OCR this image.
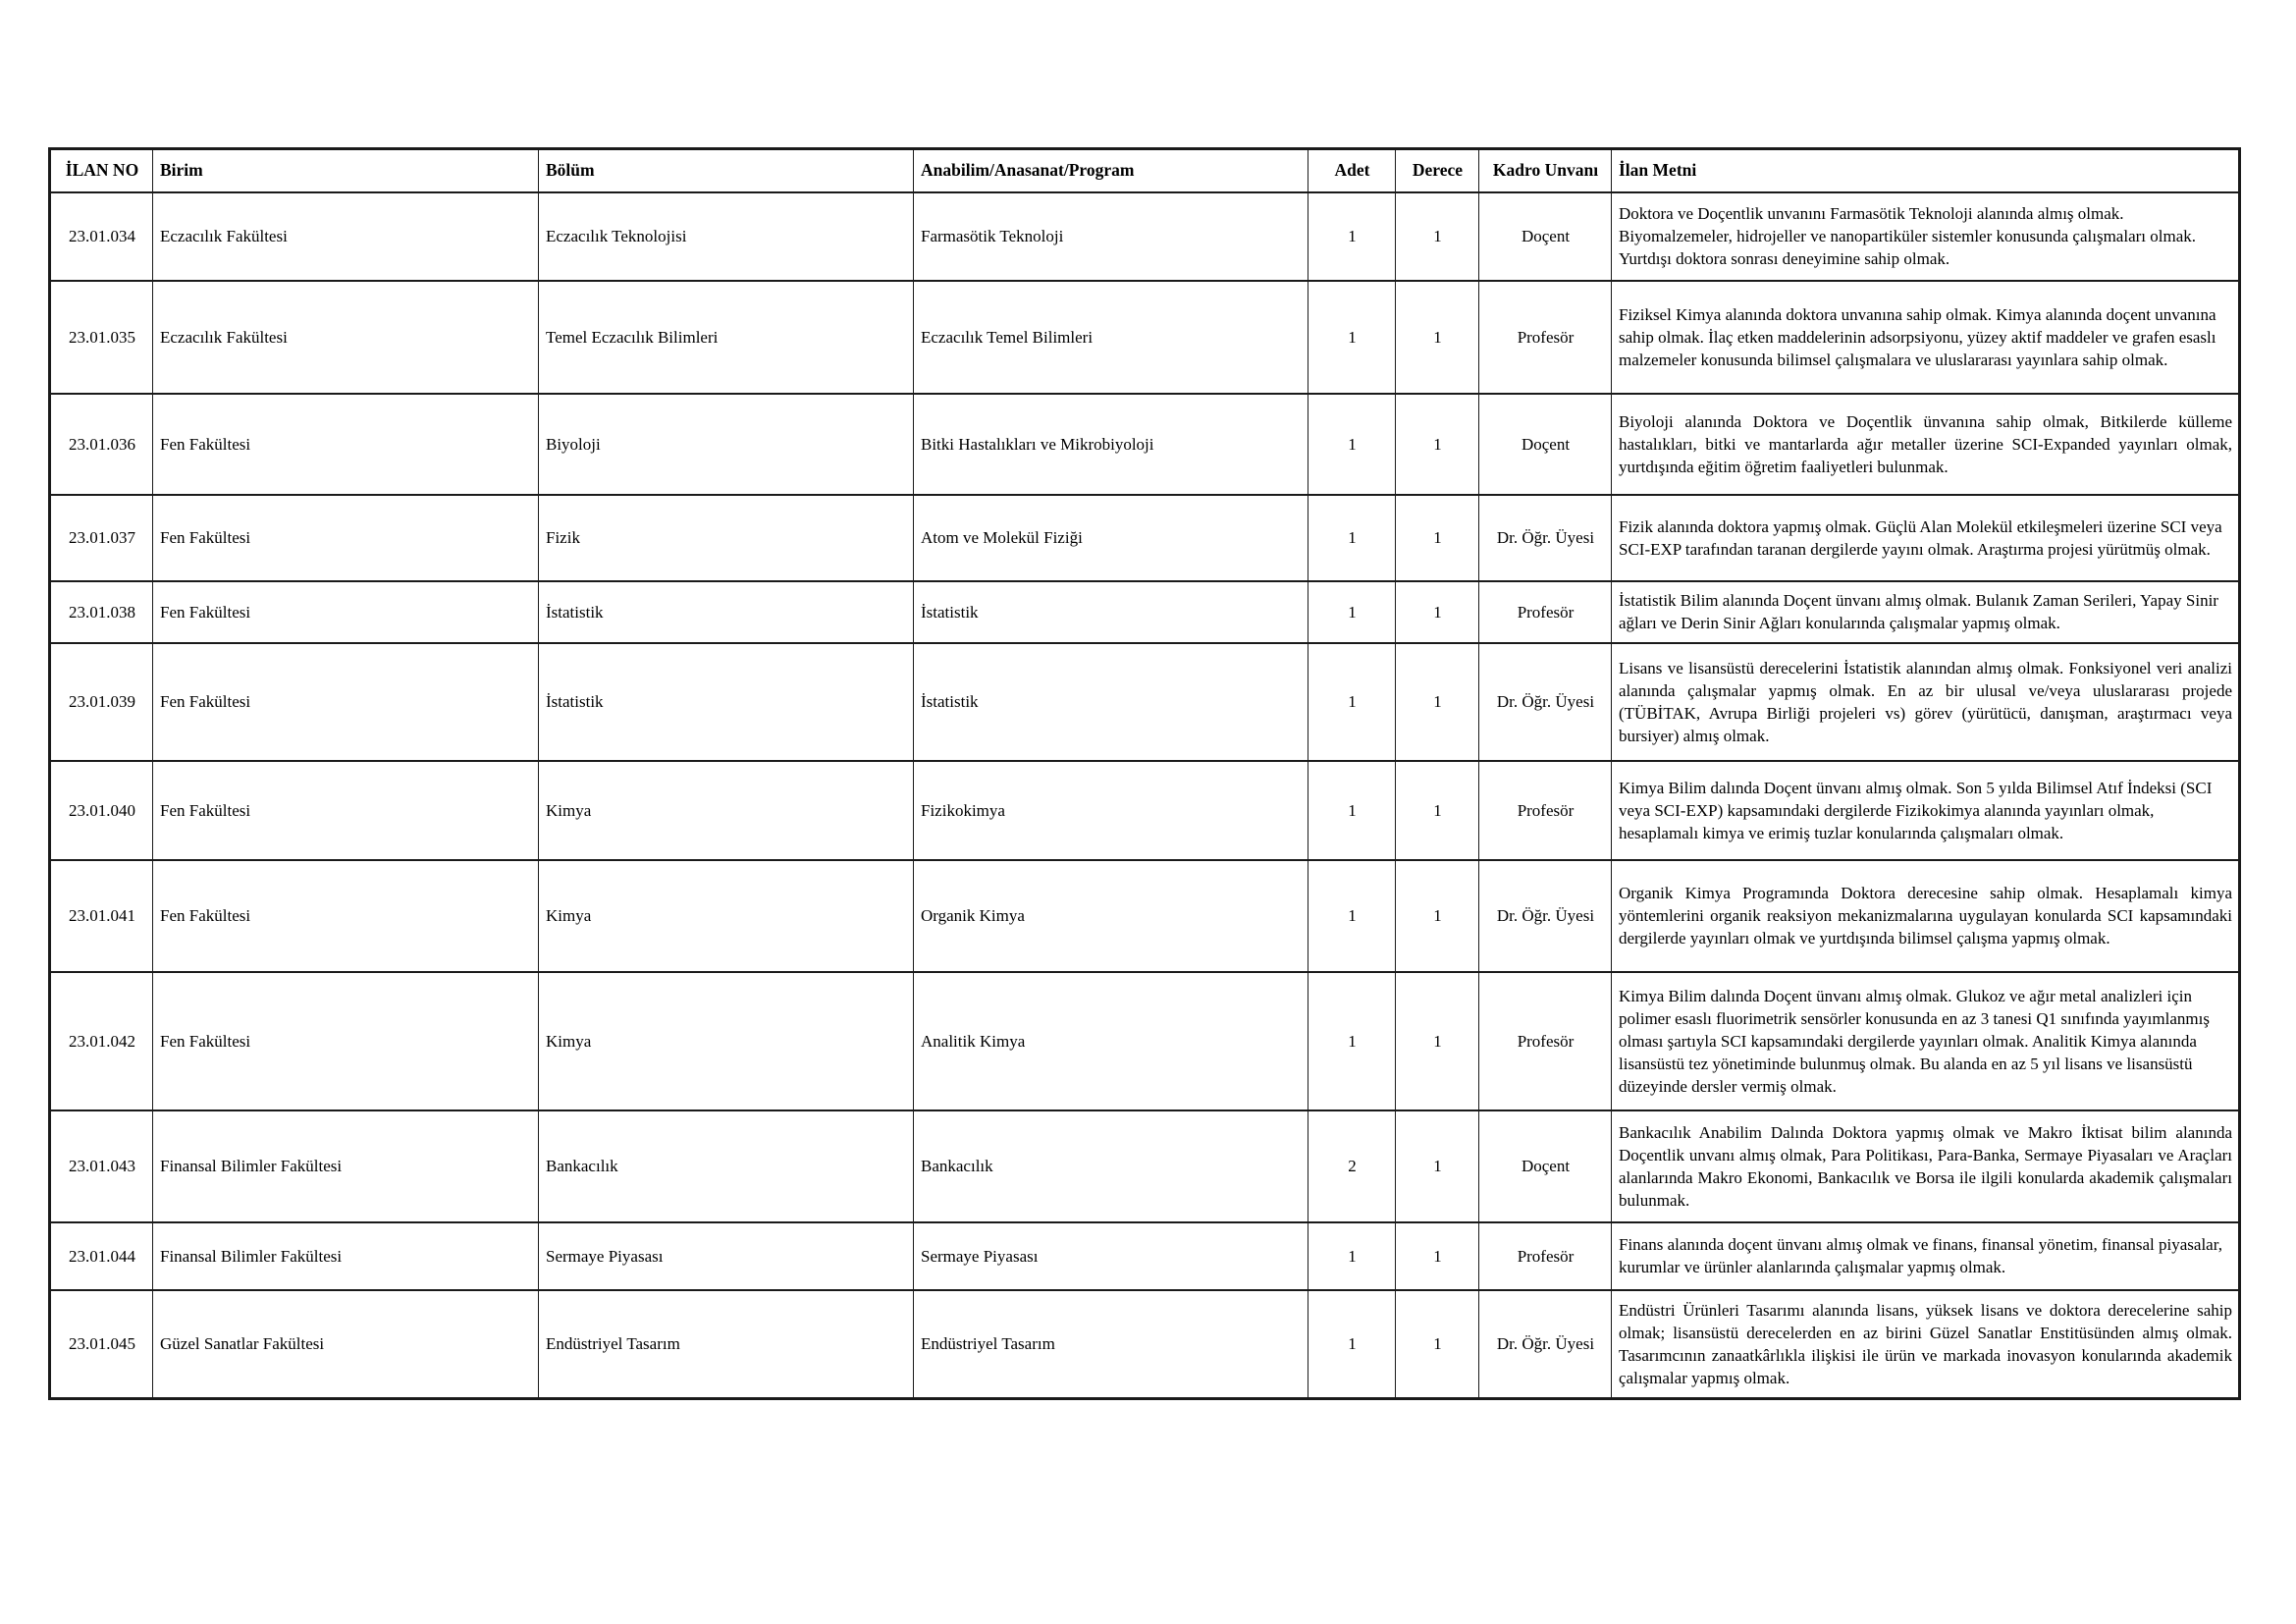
İLAN NO	Birim	Bölüm	Anabilim/Anasanat/Program	Adet	Derece	Kadro Unvanı	İlan Metni
23.01.034	Eczacılık Fakültesi	Eczacılık Teknolojisi	Farmasötik Teknoloji	1	1	Doçent	Doktora ve Doçentlik unvanını Farmasötik Teknoloji alanında almış olmak. Biyomalzemeler, hidrojeller ve nanopartiküler sistemler konusunda çalışmaları olmak. Yurtdışı doktora sonrası deneyimine sahip olmak.
23.01.035	Eczacılık Fakültesi	Temel Eczacılık Bilimleri	Eczacılık Temel Bilimleri	1	1	Profesör	Fiziksel Kimya alanında doktora unvanına sahip olmak. Kimya alanında doçent unvanına sahip olmak. İlaç etken maddelerinin adsorpsiyonu, yüzey aktif maddeler ve grafen esaslı malzemeler konusunda bilimsel çalışmalara ve uluslararası yayınlara sahip olmak.
23.01.036	Fen Fakültesi	Biyoloji	Bitki Hastalıkları ve Mikrobiyoloji	1	1	Doçent	Biyoloji alanında Doktora ve Doçentlik ünvanına sahip olmak, Bitkilerde külleme hastalıkları, bitki ve mantarlarda ağır metaller üzerine SCI-Expanded yayınları olmak, yurtdışında eğitim öğretim faaliyetleri bulunmak.
23.01.037	Fen Fakültesi	Fizik	Atom ve Molekül Fiziği	1	1	Dr. Öğr. Üyesi	Fizik alanında doktora yapmış olmak. Güçlü Alan Molekül etkileşmeleri üzerine SCI veya SCI-EXP tarafından taranan dergilerde yayını olmak. Araştırma projesi yürütmüş olmak.
23.01.038	Fen Fakültesi	İstatistik	İstatistik	1	1	Profesör	İstatistik Bilim alanında Doçent ünvanı almış olmak. Bulanık Zaman Serileri, Yapay Sinir ağları ve Derin Sinir Ağları konularında çalışmalar yapmış olmak.
23.01.039	Fen Fakültesi	İstatistik	İstatistik	1	1	Dr. Öğr. Üyesi	Lisans ve lisansüstü derecelerini İstatistik alanından almış olmak. Fonksiyonel veri analizi alanında çalışmalar yapmış olmak. En az bir ulusal ve/veya uluslararası projede (TÜBİTAK, Avrupa Birliği projeleri vs) görev (yürütücü, danışman, araştırmacı veya bursiyer) almış olmak.
23.01.040	Fen Fakültesi	Kimya	Fizikokimya	1	1	Profesör	Kimya Bilim dalında Doçent ünvanı almış olmak. Son 5 yılda Bilimsel Atıf İndeksi (SCI veya SCI-EXP) kapsamındaki dergilerde Fizikokimya alanında yayınları olmak, hesaplamalı kimya ve erimiş tuzlar konularında çalışmaları olmak.
23.01.041	Fen Fakültesi	Kimya	Organik Kimya	1	1	Dr. Öğr. Üyesi	Organik Kimya Programında Doktora derecesine sahip olmak. Hesaplamalı kimya yöntemlerini organik reaksiyon mekanizmalarına uygulayan konularda SCI kapsamındaki dergilerde yayınları olmak ve yurtdışında bilimsel çalışma yapmış olmak.
23.01.042	Fen Fakültesi	Kimya	Analitik Kimya	1	1	Profesör	Kimya Bilim dalında Doçent ünvanı almış olmak. Glukoz ve ağır metal analizleri için polimer esaslı fluorimetrik sensörler konusunda en az 3 tanesi Q1 sınıfında yayımlanmış olması şartıyla SCI kapsamındaki dergilerde yayınları olmak. Analitik Kimya alanında lisansüstü tez yönetiminde bulunmuş olmak. Bu alanda en az 5 yıl lisans ve lisansüstü düzeyinde dersler vermiş olmak.
23.01.043	Finansal Bilimler Fakültesi	Bankacılık	Bankacılık	2	1	Doçent	Bankacılık Anabilim Dalında Doktora yapmış olmak ve Makro İktisat bilim alanında Doçentlik unvanı almış olmak, Para Politikası, Para-Banka, Sermaye Piyasaları ve Araçları alanlarında Makro Ekonomi, Bankacılık ve Borsa ile ilgili konularda akademik çalışmaları bulunmak.
23.01.044	Finansal Bilimler Fakültesi	Sermaye Piyasası	Sermaye Piyasası	1	1	Profesör	Finans alanında doçent ünvanı almış olmak ve finans, finansal yönetim, finansal piyasalar, kurumlar ve ürünler alanlarında çalışmalar yapmış olmak.
23.01.045	Güzel Sanatlar Fakültesi	Endüstriyel Tasarım	Endüstriyel Tasarım	1	1	Dr. Öğr. Üyesi	Endüstri Ürünleri Tasarımı alanında lisans, yüksek lisans ve doktora derecelerine sahip olmak; lisansüstü derecelerden en az birini Güzel Sanatlar Enstitüsünden almış olmak. Tasarımcının zanaatkârlıkla ilişkisi ile ürün ve markada inovasyon konularında akademik çalışmalar yapmış olmak.
